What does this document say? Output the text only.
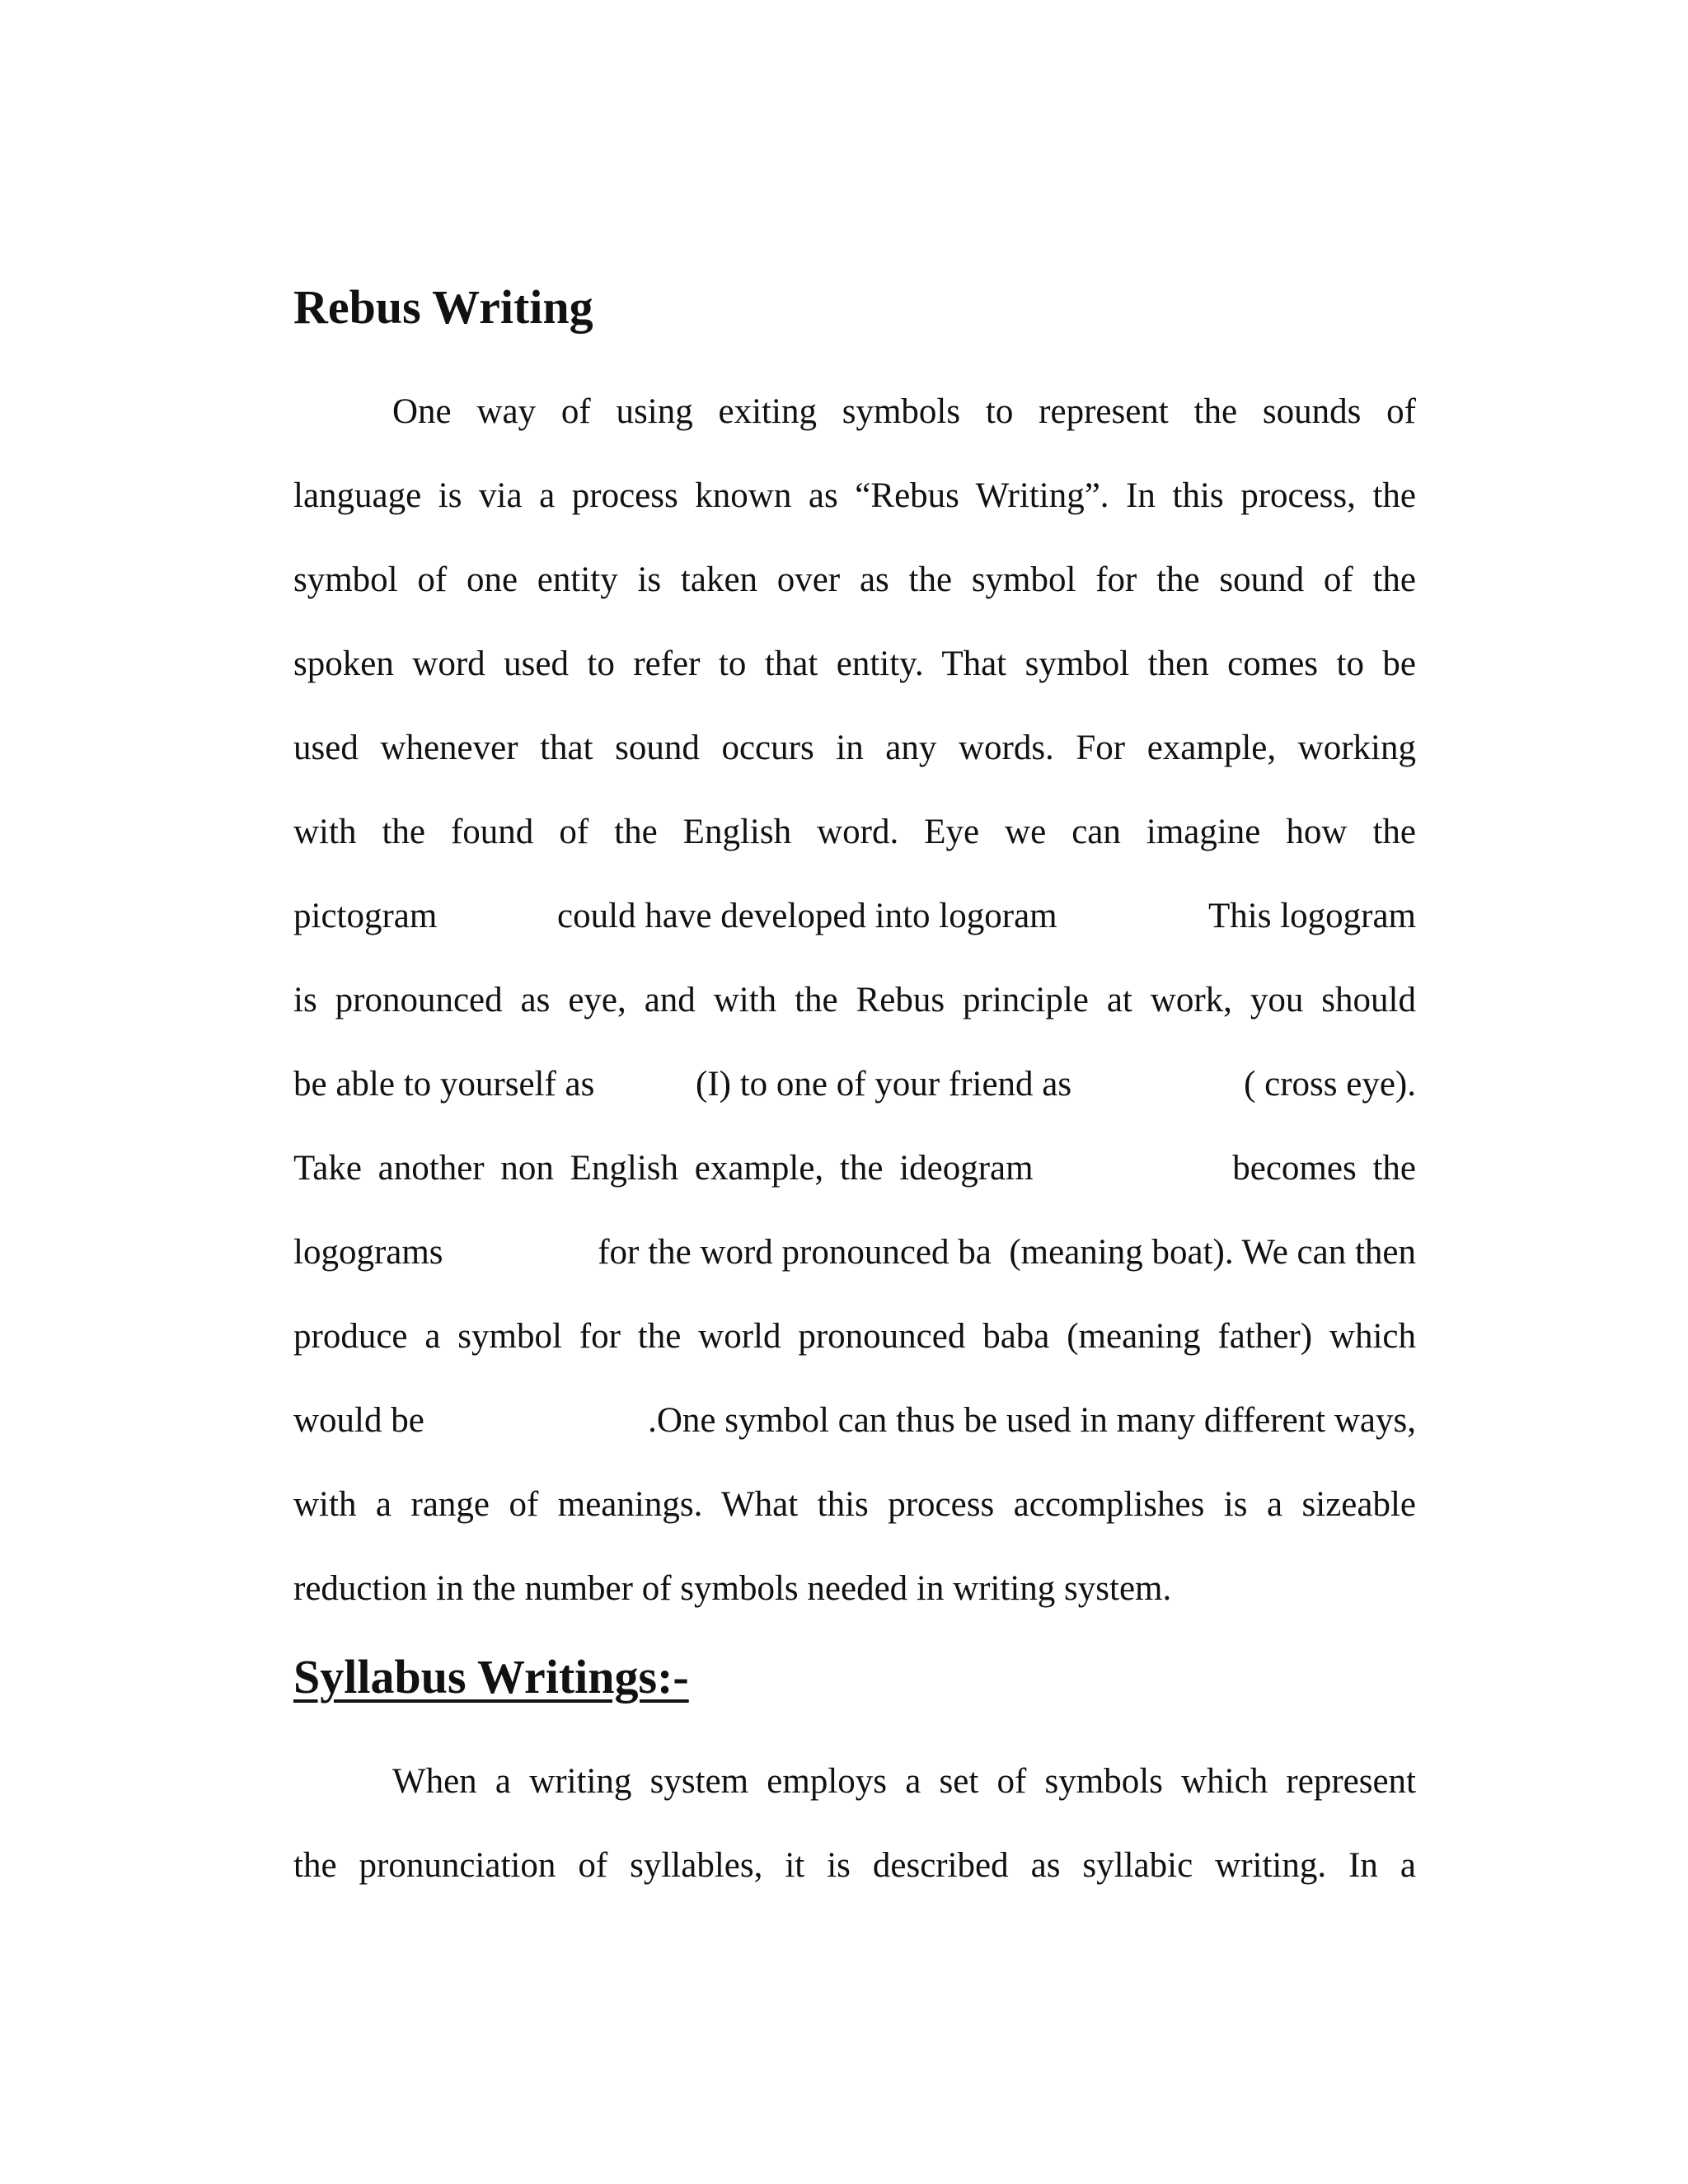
Rebus Writing
One way of using exiting symbols to represent the sounds of
language is via a process known as “Rebus Writing”. In this process, the
symbol of one entity is taken over as the symbol for the sound of the
spoken word used to refer to that entity. That symbol then comes to be
used whenever that sound occurs in any words. For example, working
with the found of the English word. Eye we can imagine how the
pictogram	could have developed into logoram	This logogram
is pronounced as eye, and with the Rebus principle at work, you should
be able to yourself as	(I) to one of your friend as	( cross eye).
Take another non English example, the ideogram	becomes the
logograms	for the word pronounced ba  (meaning boat). We can then
produce a symbol for the world pronounced baba (meaning father) which
would be	.One symbol can thus be used in many different ways,
with a range of meanings. What this process accomplishes is a sizeable
reduction in the number of symbols needed in writing system.
Syllabus Writings:-
When a writing system employs a set of symbols which represent
the pronunciation of syllables, it is described as syllabic writing. In a
